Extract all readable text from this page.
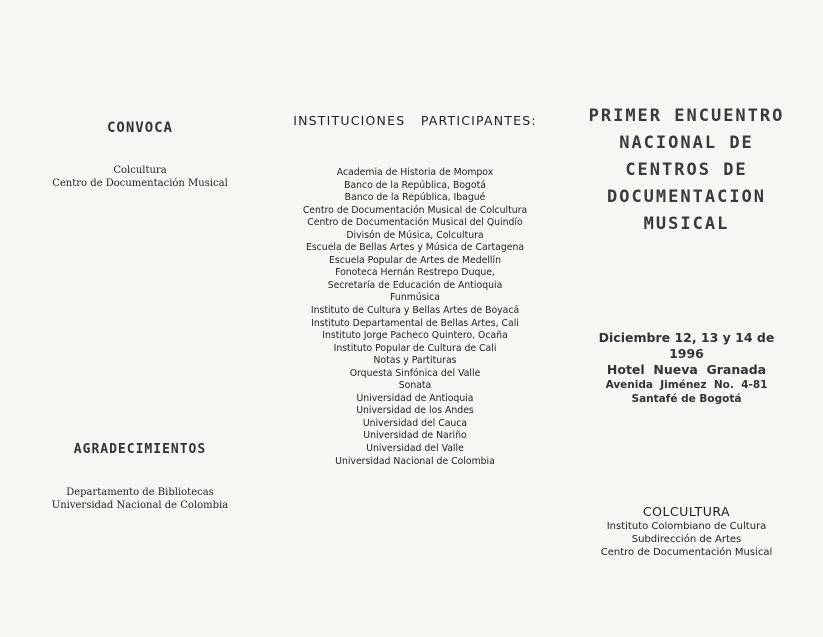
CONVOCA
Colcultura
Centro de Documentación Musical
AGRADECIMIENTOS
Departamento de Bibliotecas
Universidad Nacional de Colombia
INSTITUCIONES   PARTICIPANTES:
Academia de Historia de Mompox
Banco de la República, Bogotá
Banco de la República, Ibagué
Centro de Documentación Musical de Colcultura
Centro de Documentación Musical del Quindío
Divisón de Música, Colcultura
Escuela de Bellas Artes y Música de Cartagena
Escuela Popular de Artes de Medellín
Fonoteca Hernán Restrepo Duque,
Secretaría de Educación de Antioquia
Funmúsica
Instituto de Cultura y Bellas Artes de Boyacá
Instituto Departamental de Bellas Artes, Cali
Instituto Jorge Pacheco Quintero, Ocaña
Instituto Popular de Cultura de Cali
Notas y Partituras
Orquesta Sinfónica del Valle
Sonata
Universidad de Antioquia
Universidad de los Andes
Universidad del Cauca
Universidad de Nariño
Universidad del Valle
Universidad Nacional de Colombia
PRIMER ENCUENTRO
NACIONAL DE
CENTROS DE
DOCUMENTACION
MUSICAL
Diciembre 12, 13 y 14 de
1996
Hotel  Nueva  Granada
Avenida  Jiménez  No.  4-81
Santafé de Bogotá
COLCULTURA
Instituto Colombiano de Cultura
Subdirección de Artes
Centro de Documentación Musical
